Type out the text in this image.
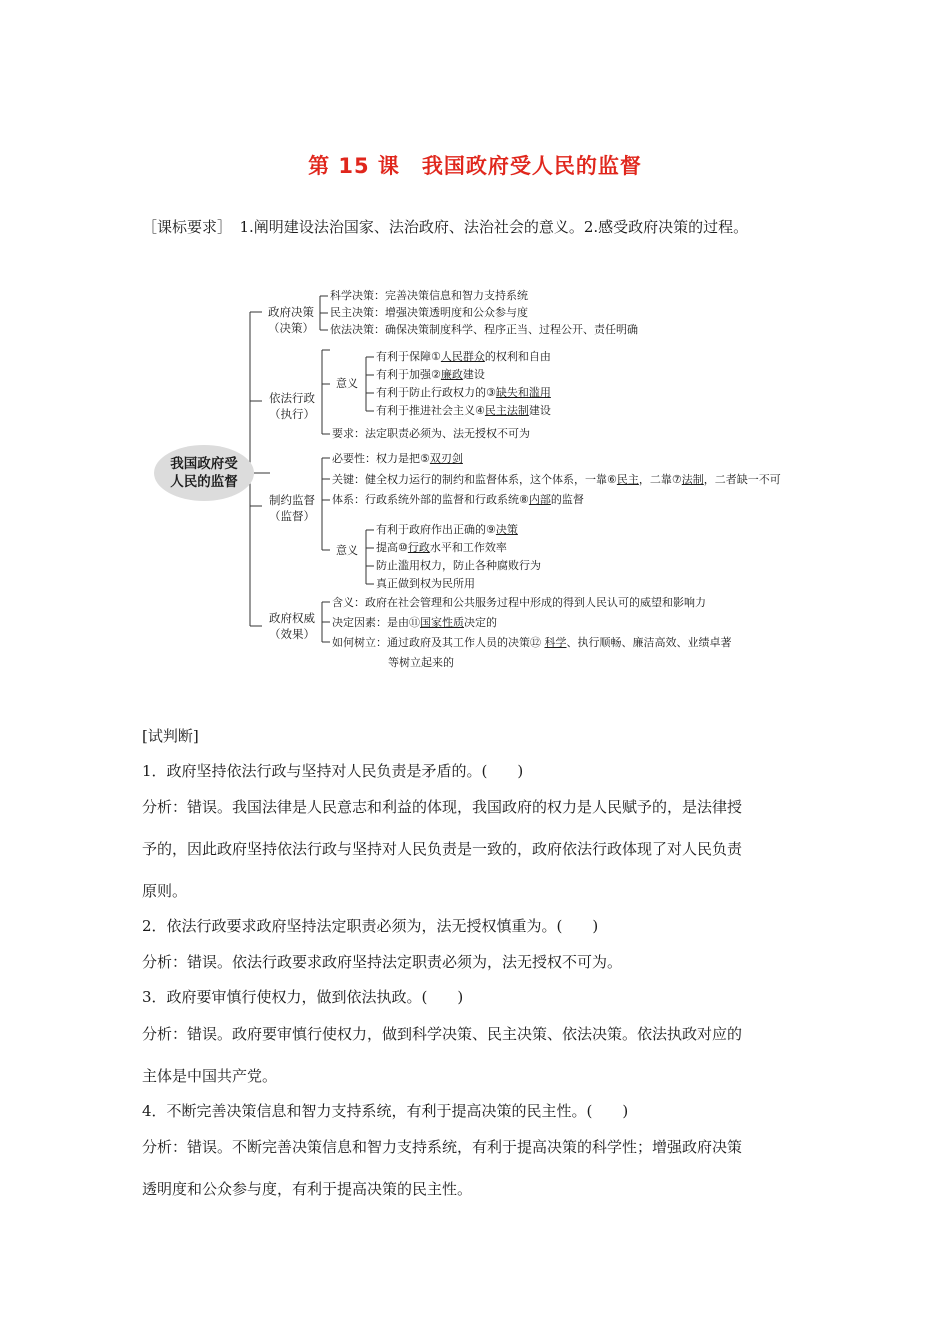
第 15 课　我国政府受人民的监督
［课标要求］　1.阐明建设法治国家、法治政府、法治社会的意义。2.感受政府决策的过程。
我国政府受
人民的监督
政府决策
（决策）
科学决策：完善决策信息和智力支持系统
民主决策：增强决策透明度和公众参与度
依法决策：确保决策制度科学、程序正当、过程公开、责任明确
依法行政
（执行）
意义
有利于保障①人民群众的权利和自由
有利于加强②廉政建设
有利于防止行政权力的③缺失和滥用
有利于推进社会主义④民主法制建设
要求：法定职责必须为、法无授权不可为
制约监督
（监督）
必要性：权力是把⑤双刃剑
关键：健全权力运行的制约和监督体系，这个体系，一靠⑥民主，二靠⑦法制，二者缺一不可
体系：行政系统外部的监督和行政系统⑧内部的监督
意义
有利于政府作出正确的⑨决策
提高⑩行政水平和工作效率
防止滥用权力，防止各种腐败行为
真正做到权为民所用
政府权威
（效果）
含义：政府在社会管理和公共服务过程中形成的得到人民认可的威望和影响力
决定因素：是由⑪国家性质决定的
如何树立：通过政府及其工作人员的决策⑫ 科学、执行顺畅、廉洁高效、业绩卓著
等树立起来的
[试判断]
1．政府坚持依法行政与坚持对人民负责是矛盾的。(　　)
分析：错误。我国法律是人民意志和利益的体现，我国政府的权力是人民赋予的，是法律授
予的，因此政府坚持依法行政与坚持对人民负责是一致的，政府依法行政体现了对人民负责
原则。
2．依法行政要求政府坚持法定职责必须为，法无授权慎重为。(　　)
分析：错误。依法行政要求政府坚持法定职责必须为，法无授权不可为。
3．政府要审慎行使权力，做到依法执政。(　　)
分析：错误。政府要审慎行使权力，做到科学决策、民主决策、依法决策。依法执政对应的
主体是中国共产党。
4．不断完善决策信息和智力支持系统，有利于提高决策的民主性。(　　)
分析：错误。不断完善决策信息和智力支持系统，有利于提高决策的科学性；增强政府决策
透明度和公众参与度，有利于提高决策的民主性。
